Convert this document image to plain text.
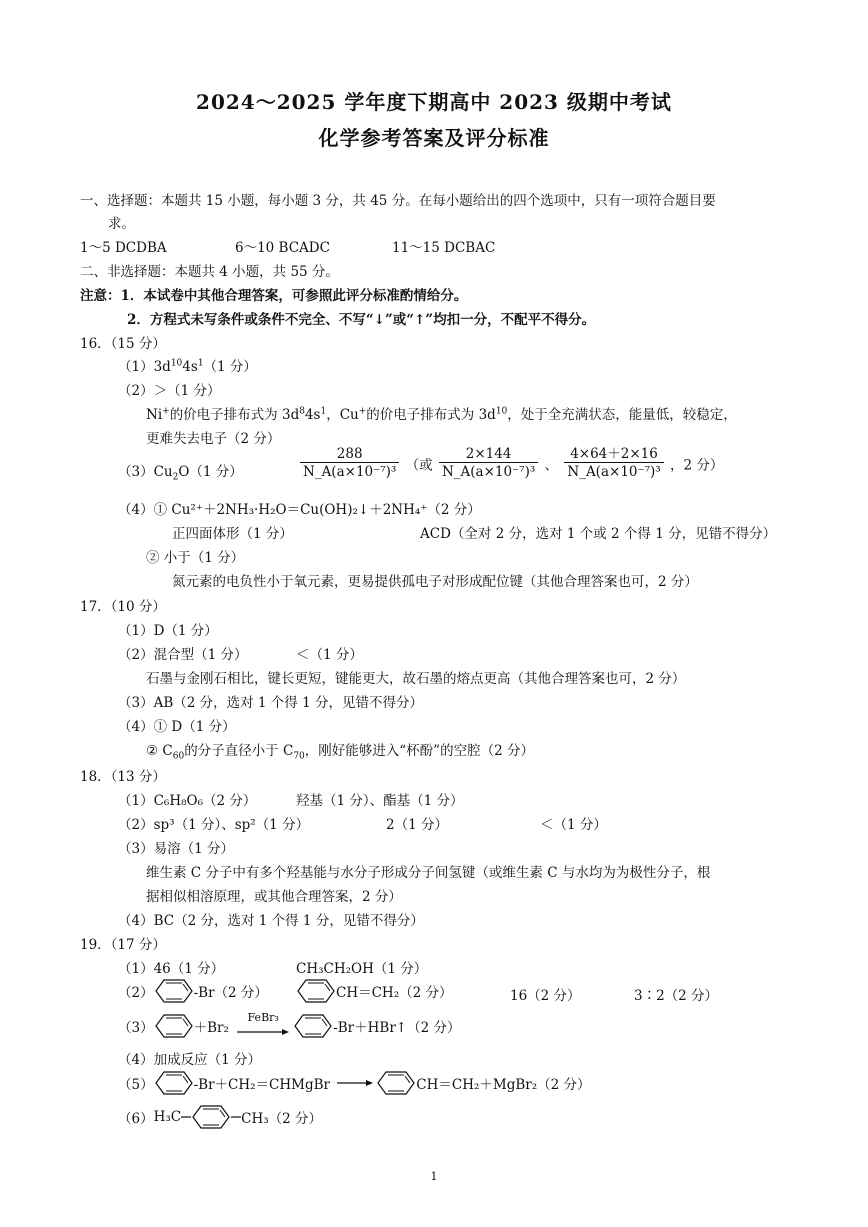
2024～2025 学年度下期高中 2023 级期中考试
化学参考答案及评分标准
一、选择题：本题共 15 小题，每小题 3 分，共 45 分。在每小题给出的四个选项中，只有一项符合题目要
求。
1～5 DCDBA	6～10 BCADC	11～15 DCBAC
二、非选择题：本题共 4 小题，共 55 分。
注意：1．本试卷中其他合理答案，可参照此评分标准酌情给分。
2．方程式未写条件或条件不完全、不写“↓”或“↑”均扣一分，不配平不得分。
16．（15 分）
$(1)3d^{10}4s^1(1$ 分）
（2）＞（1 分）
Ni+的价电子排布式为 $3d^84s^1$，Cu+的价电子排布式为 $3d^{10}$，处于全充满状态，能量低，较稳定，
更难失去电子（2 分）
$(3)Cu_2O(1$ 分）	$\frac{288}{\text{N\_A(a×10⁻⁷)³}}$ （或 $\frac{2\times 144}{\text{N\_A(a×10⁻⁷)³}}$ 、 $\frac{4\times 64+2\times 16}{\text{N\_A(a×10⁻⁷)³}}$ ，2 分）
（4）① Cu²⁺＋2NH₃·H₂O＝Cu(OH)₂↓＋2NH₄⁺（2 分）
正四面体形（1 分）	ACD（全对 2 分，选对 1 个或 2 个得 1 分，见错不得分）
② 小于（1 分）
氮元素的电负性小于氧元素，更易提供孤电子对形成配位键（其他合理答案也可，2 分）
17．（10 分）
（1）D（1 分）
（2）混合型（1 分）	＜（1 分）
石墨与金刚石相比，键长更短，键能更大，故石墨的熔点更高（其他合理答案也可，2 分）
（3）AB（2 分，选对 1 个得 1 分，见错不得分）
（4）① D（1 分）
② $C_{60}$的分子直径小于 $C_{70}$，刚好能够进入“杯酚”的空腔（2 分）
18．（13 分）
（1）C₆H₈O₆（2 分）	羟基（1 分）、酯基（1 分）
（2）sp³（1 分）、sp²（1 分）	2（1 分）	＜（1 分）
（3）易溶（1 分）
维生素 C 分子中有多个羟基能与水分子形成分子间氢键（或维生素 C 与水均为为极性分子，根
据相似相溶原理，或其他合理答案，2 分）
（4）BC（2 分，选对 1 个得 1 分，见错不得分）
19．（17 分）
（1）46（1 分）	CH₃CH₂OH（1 分）
（2）	-Br（2 分）	CH＝CH₂（2 分）	16（2 分）	3∶2（2 分）
（3）	＋Br₂
FeBr₃
-Br＋HBr↑（2 分）
（4）加成反应（1 分）
（5）	-Br＋CH₂＝CHMgBr	CH＝CH₂＋MgBr₂（2 分）
（6）H₃C	CH₃（2 分）
1
